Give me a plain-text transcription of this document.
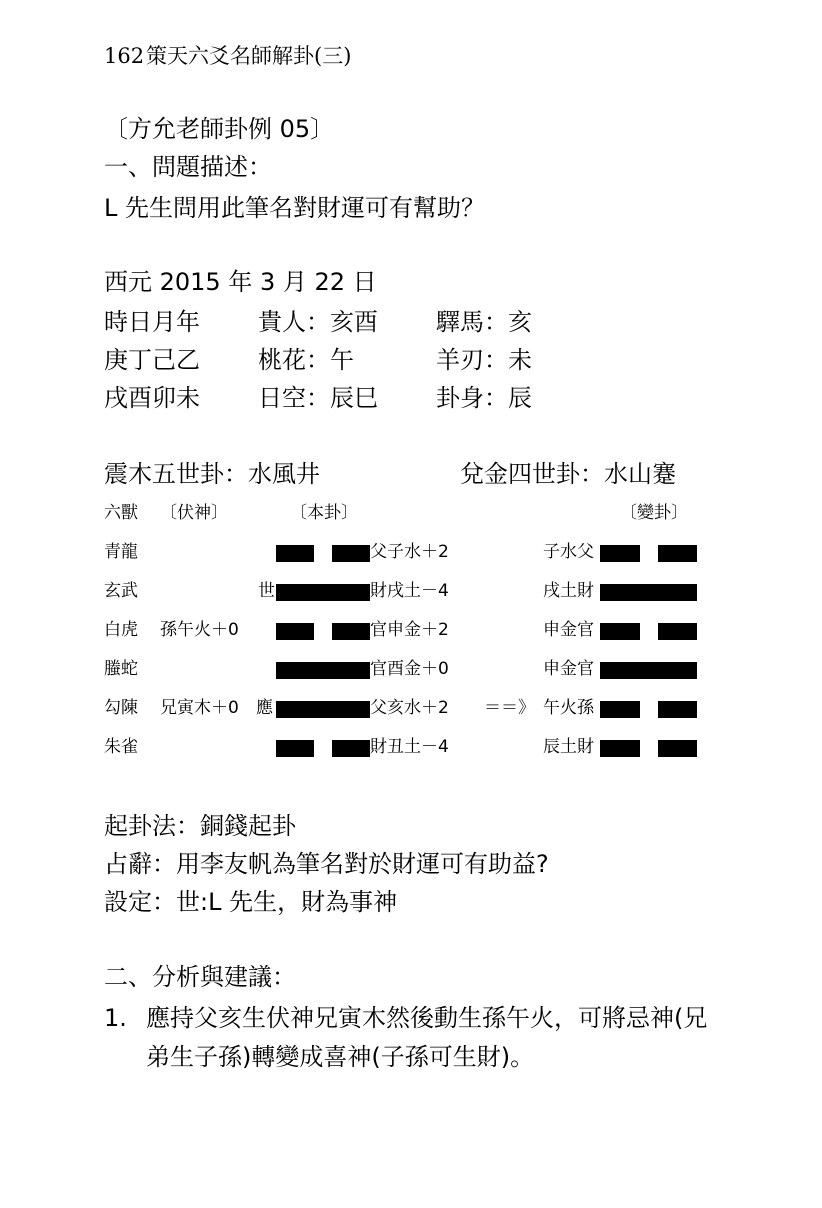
162 策天六爻名師解卦(三)
〔方允老師卦例 05〕
一、問題描述：
L 先生問用此筆名對財運可有幫助？
西元 2015 年 3 月 22 日
時日月年 貴人：亥酉 驛馬：亥
庚丁己乙 桃花：午	羊刃：未
戌酉卯未 日空：辰巳 卦身：辰
震木五世卦：水風井	兌金四世卦：水山蹇
六獸 〔伏神〕	〔本卦〕	〔變卦〕
青龍	父子水＋2	子水父
玄武	世	財戌土－4	戌土財
白虎 孫午火＋0	官申金＋2	申金官
螣蛇	官酉金＋0	申金官
勾陳 兄寅木＋0 應	父亥水＋2 ＝＝》 午火孫
朱雀	財丑土－4	辰土財
起卦法：銅錢起卦
占辭：用李友帆為筆名對於財運可有助益?
設定：世:L 先生，財為事神
二、分析與建議：
1. 應持父亥生伏神兄寅木然後動生孫午火，可將忌神(兄
弟生子孫)轉變成喜神(子孫可生財)。
